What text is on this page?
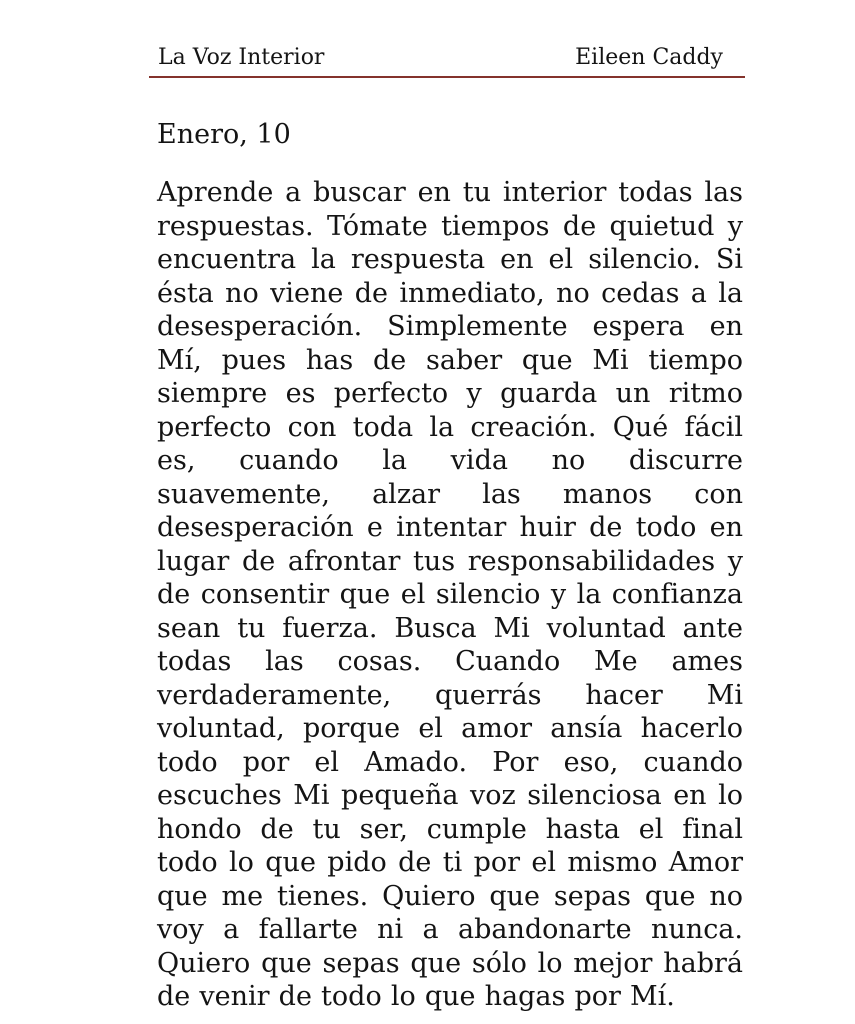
La Voz Interior	Eileen Caddy
Enero, 10

Aprende a buscar en tu interior todas las respuestas. Tómate tiempos de quietud y encuentra la respuesta en el silencio. Si ésta no viene de inmediato, no cedas a la desesperación. Simplemente espera en Mí, pues has de saber que Mi tiempo siempre es perfecto y guarda un ritmo perfecto con toda la creación. Qué fácil es, cuando la vida no discurre suavemente, alzar las manos con desesperación e intentar huir de todo en lugar de afrontar tus responsabilidades y de consentir que el silencio y la confianza sean tu fuerza. Busca Mi voluntad ante todas las cosas. Cuando Me ames verdaderamente, querrás hacer Mi voluntad, porque el amor ansía hacerlo todo por el Amado. Por eso, cuando escuches Mi pequeña voz silenciosa en lo hondo de tu ser, cumple hasta el final todo lo que pido de ti por el mismo Amor que me tienes. Quiero que sepas que no voy a fallarte ni a abandonarte nunca. Quiero que sepas que sólo lo mejor habrá de venir de todo lo que hagas por Mí.
